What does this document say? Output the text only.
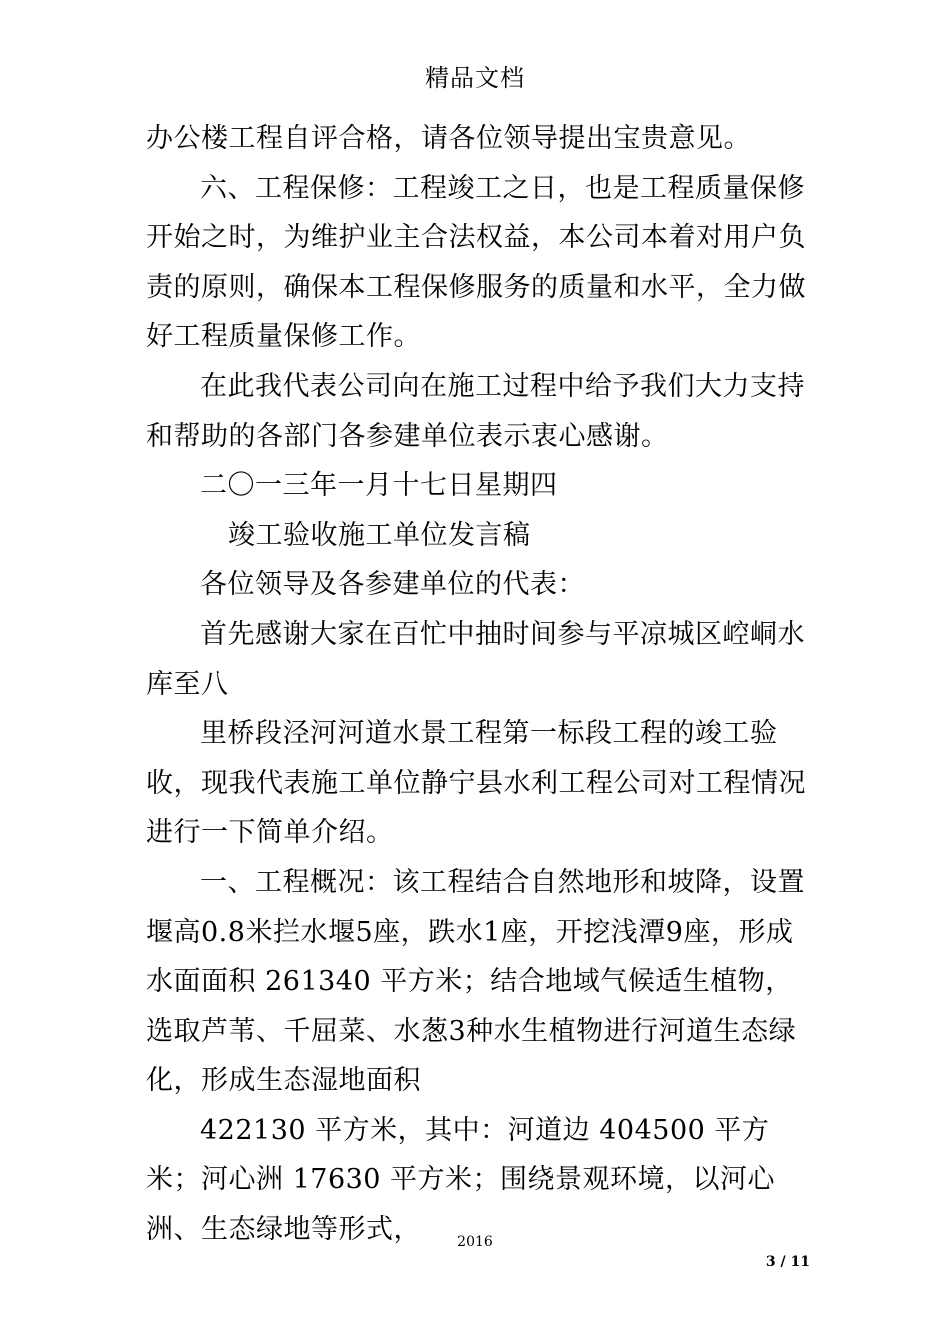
精品文档

办公楼工程自评合格，请各位领导提出宝贵意见。

六、工程保修：工程竣工之日，也是工程质量保修开始之时，为维护业主合法权益，本公司本着对用户负责的原则，确保本工程保修服务的质量和水平，全力做好工程质量保修工作。

在此我代表公司向在施工过程中给予我们大力支持和帮助的各部门各参建单位表示衷心感谢。

二〇一三年一月十七日星期四

竣工验收施工单位发言稿

各位领导及各参建单位的代表：

首先感谢大家在百忙中抽时间参与平凉城区崆峒水库至八

里桥段泾河河道水景工程第一标段工程的竣工验收，现我代表施工单位静宁县水利工程公司对工程情况进行一下简单介绍。

一、工程概况：该工程结合自然地形和坡降，设置堰高0.8米拦水堰5座，跌水1座，开挖浅潭9座，形成水面面积 261340 平方米；结合地域气候适生植物，选取芦苇、千屈菜、水葱3种水生植物进行河道生态绿化，形成生态湿地面积

422130 平方米，其中：河道边 404500 平方米；河心洲 17630 平方米；围绕景观环境，以河心洲、生态绿地等形式，	2016
3 / 11
